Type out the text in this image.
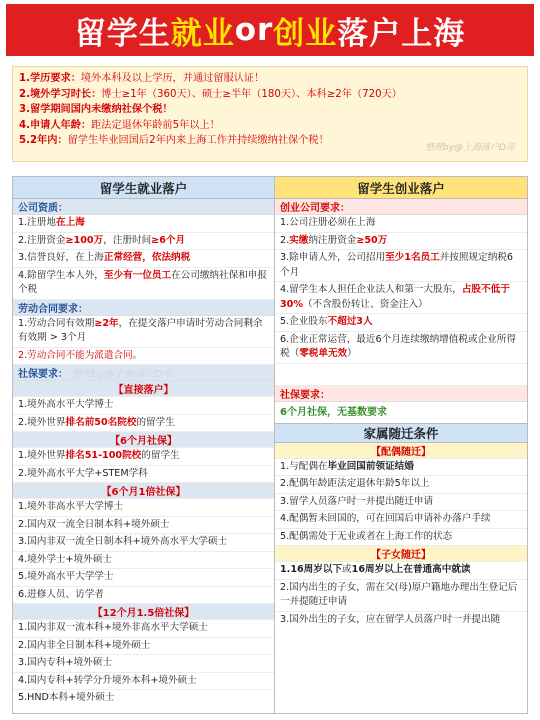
留学生 就业 or 创业 落户上海
1.学历要求：境外本科及以上学历，并通过留服认证！
2.境外学习时长：博士≥1年（360天）、硕士≥半年（180天）、本科≥2年（720天）
3.留学期间国内未缴纳社保个税！
4.申请人年龄：距法定退休年龄前5年以上！
5.2年内：留学生毕业回国后2年内来上海工作并持续缴纳社保个税！
整理by@上海落户D帝
留学生就业落户
公司资质：
1.注册地在上海
2.注册资金≥100万，注册时间≥6个月
3.信誉良好，在上海正常经营，依法纳税
4.除留学生本人外，至少有一位员工在公司缴纳社保和申报个税
劳动合同要求：
1.劳动合同有效期≥2年，在提交落户申请时劳动合同剩余有效期 > 3个月
2.劳动合同不能为派遣合同。
社保要求： 整理by@上海落户D帝
【直接落户】
1.境外高水平大学博士
2.境外世界排名前50名院校的留学生
【6个月社保】
1.境外世界排名51-100院校的留学生
2.境外高水平大学+STEM学科
【6个月1倍社保】
1.境外非高水平大学博士
2.国内双一流全日制本科+境外硕士
3.国内非双一流全日制本科+境外高水平大学硕士
4.境外学士+境外硕士
5.境外高水平大学学士
6.进修人员、访学者
【12个月1.5倍社保】
1.国内非双一流本科+境外非高水平大学硕士
2.国内非全日制本科+境外硕士
3.国内专科+境外硕士
4.国内专科+转学分升境外本科+境外硕士
5.HND本科+境外硕士
留学生创业落户
创业公司要求：
1.公司注册必须在上海
2.实缴纳注册资金≥50万
3.除申请人外，公司招用至少1名员工并按照规定纳税6个月
4.留学生本人担任企业法人和第一大股东，占股不低于30%（不含股份转让、资金注入）
5.企业股东不超过3人
6.企业正常运营，最近6个月连续缴纳增值税或企业所得税（零税单无效）
社保要求：
6个月社保，无基数要求
家属随迁条件
【配偶随迁】
1.与配偶在毕业回国前领证结婚
2.配偶年龄距法定退休年龄5年以上
3.留学人员落户时一并提出随迁申请
4.配偶暂未回国的，可在回国后申请补办落户手续
5.配偶需处于无业或者在上海工作的状态
【子女随迁】
1.16周岁以下或16周岁以上在普通高中就读
2.国内出生的子女，需在父(母)原户籍地办理出生登记后一并提随迁申请
3.国外出生的子女，应在留学人员落户时一并提出随
